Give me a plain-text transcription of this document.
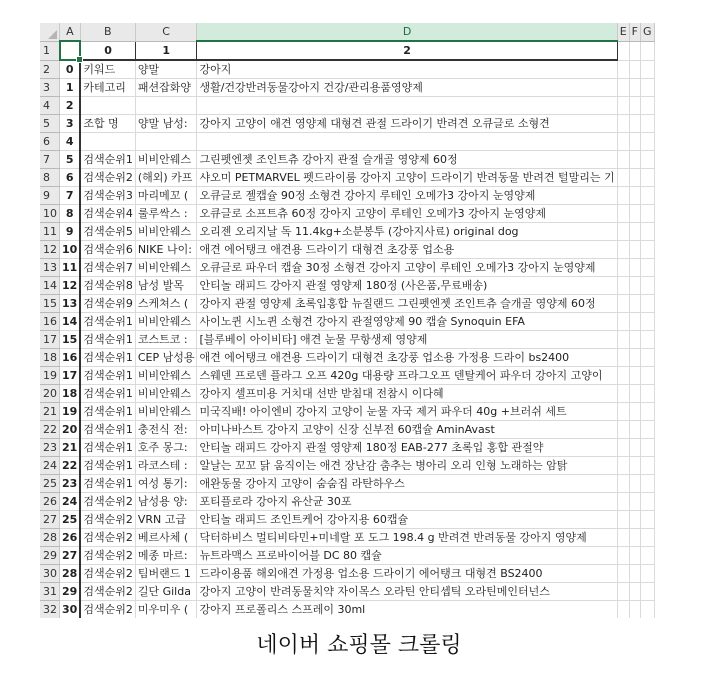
	A	B	C	D	E	F	G				
1		0	1	2							
2	0	키워드	양말	강아지							
3	1	카테고리	패션잡화양	생활/건강반려동물강아지 건강/관리용품영양제							
4	2										
5	3	조합 명	양말 남성:	강아지 고양이 애견 영양제 대형견 관절 드라이기 반려견 오큐글로 소형견							
6	4										
7	5	검색순위1	비비안웨스	그린펫엔젯 조인트츄 강아지 관절 슬개골 영양제 60정							
8	6	검색순위2	(해외) 카프	샤오미 PETMARVEL 펫드라이룸 강아지 고양이 드라이기 반려동물 반려견 털말리는 기							
9	7	검색순위3	마리메꼬 (	오큐글로 젤캡슐 90정 소형견 강아지 루테인 오메가3 강아지 눈영양제							
10	8	검색순위4	룰루싹스 :	오큐글로 소프트츄 60정 강아지 고양이 루테인 오메가3 강아지 눈영양제							
11	9	검색순위5	비비안웨스	오리젠 오리지날 독 11.4kg+소분봉투 (강아지사료) original dog							
12	10	검색순위6	NIKE 나이:	애견 에어탱크 애견용 드라이기 대형견 초강풍 업소용							
13	11	검색순위7	비비안웨스	오큐글로 파우더 캡슐 30정 소형견 강아지 고양이 루테인 오메가3 강아지 눈영양제							
14	12	검색순위8	남성 발목	안티놀 래피드 강아지 관절 영양제 180정 (사은품,무료배송)							
15	13	검색순위9	스케쳐스 (	강아지 관절 영양제 초록입홍합 뉴질랜드 그린펫엔젯 조인트츄 슬개골 영양제 60정							
16	14	검색순위1	비비안웨스	사이노퀸 시노퀸 소형견 강아지 관절영양제 90 캡슐 Synoquin EFA							
17	15	검색순위1	코스트코 :	[블루베이 아이비타] 애견 눈물 무항생제 영양제							
18	16	검색순위1	CEP 남성용	애견 에어탱크 애견용 드라이기 대형견 초강풍 업소용 가정용 드라이 bs2400							
19	17	검색순위1	비비안웨스	스웨덴 프로덴 플라그 오프 420g 대용량 프라그오프 덴탈케어 파우더 강아지 고양이							
20	18	검색순위1	비비안웨스	강아지 셀프미용 거치대 선반 받침대 전참시 이다혜							
21	19	검색순위1	비비안웨스	미국직배! 아이엔비 강아지 고양이 눈물 자국 제거 파우더 40g +브러쉬 세트							
22	20	검색순위1	충전식 전:	아미나바스트 강아지 고양이 신장 신부전 60캡슐 AminAvast							
23	21	검색순위1	호주 몽그:	안티놀 래피드 강아지 관절 영양제 180정 EAB-277 초록입 홍합 관절약							
24	22	검색순위1	라코스테 :	알날는 꼬꼬 닭 움직이는 애견 장난감 춤추는 병아리 오리 인형 노래하는 암탉							
25	23	검색순위1	여성 통기:	애완동물 강아지 고양이 숨숨집 라탄하우스							
26	24	검색순위2	남성용 양:	포티플로라 강아지 유산균 30포							
27	25	검색순위2	VRN 고급	안티놀 래피드 조인트케어 강아지용 60캡슐							
28	26	검색순위2	베르사체 (	닥터하비스 멀티비타민+미네랄 포 도그 198.4 g 반려견 반려동물 강아지 영양제							
29	27	검색순위2	메종 마르:	뉴트라맥스 프로바이어블 DC 80 캡슐							
30	28	검색순위2	팀버랜드 1	드라이용품 해외애견 가정용 업소용 드라이기 에어탱크 대형견 BS2400							
31	29	검색순위2	길단 Gilda	강아지 고양이 반려동물치약 자이목스 오라틴 안티셉틱 오라틴메인터넌스							
32	30	검색순위2	미우미우 (	강아지 프로폴리스 스프레이 30ml							

네이버 쇼핑몰 크롤링
